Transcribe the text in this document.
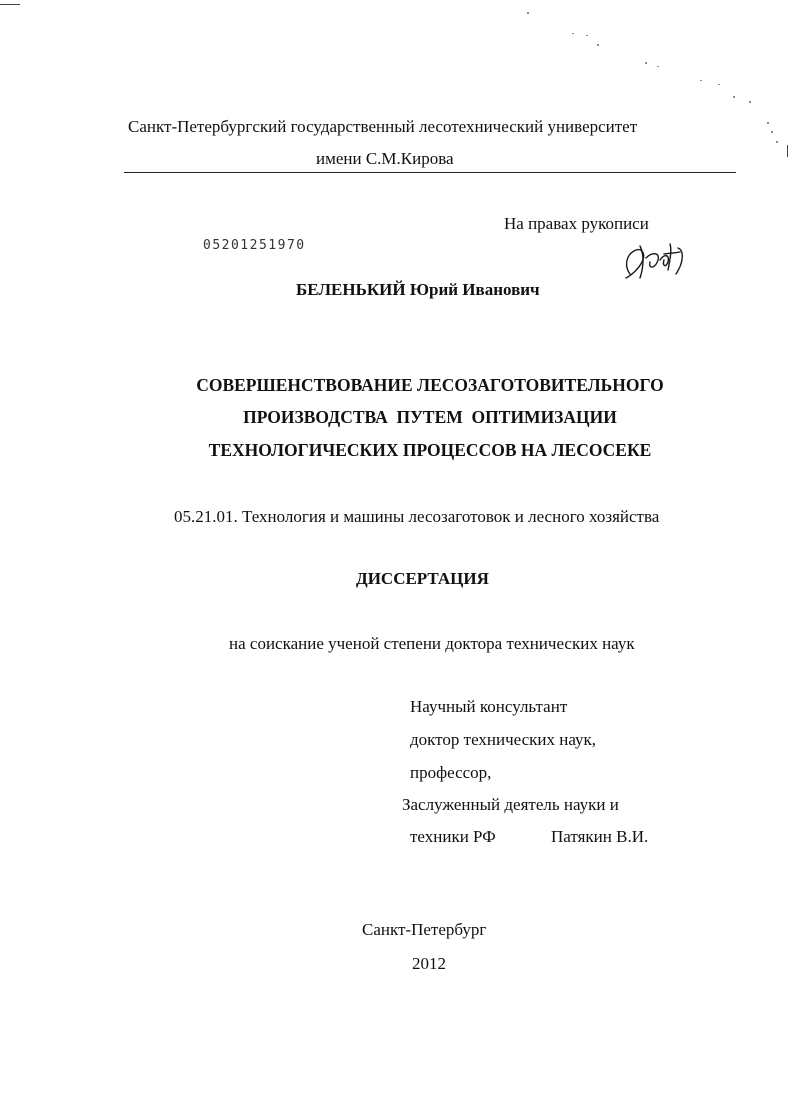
Санкт-Петербургский государственный лесотехнический университет
имени С.М.Кирова
На правах рукописи
05201251970
БЕЛЕНЬКИЙ Юрий Иванович
СОВЕРШЕНСТВОВАНИЕ ЛЕСОЗАГОТОВИТЕЛЬНОГО
ПРОИЗВОДСТВА  ПУТЕМ  ОПТИМИЗАЦИИ
ТЕХНОЛОГИЧЕСКИХ ПРОЦЕССОВ НА ЛЕСОСЕКЕ
05.21.01. Технология и машины лесозаготовок и лесного хозяйства
ДИССЕРТАЦИЯ
на соискание ученой степени доктора технических наук
Научный консультант
доктор технических наук,
профессор,
Заслуженный деятель науки и
техники РФ	Патякин В.И.
Санкт-Петербург
2012
